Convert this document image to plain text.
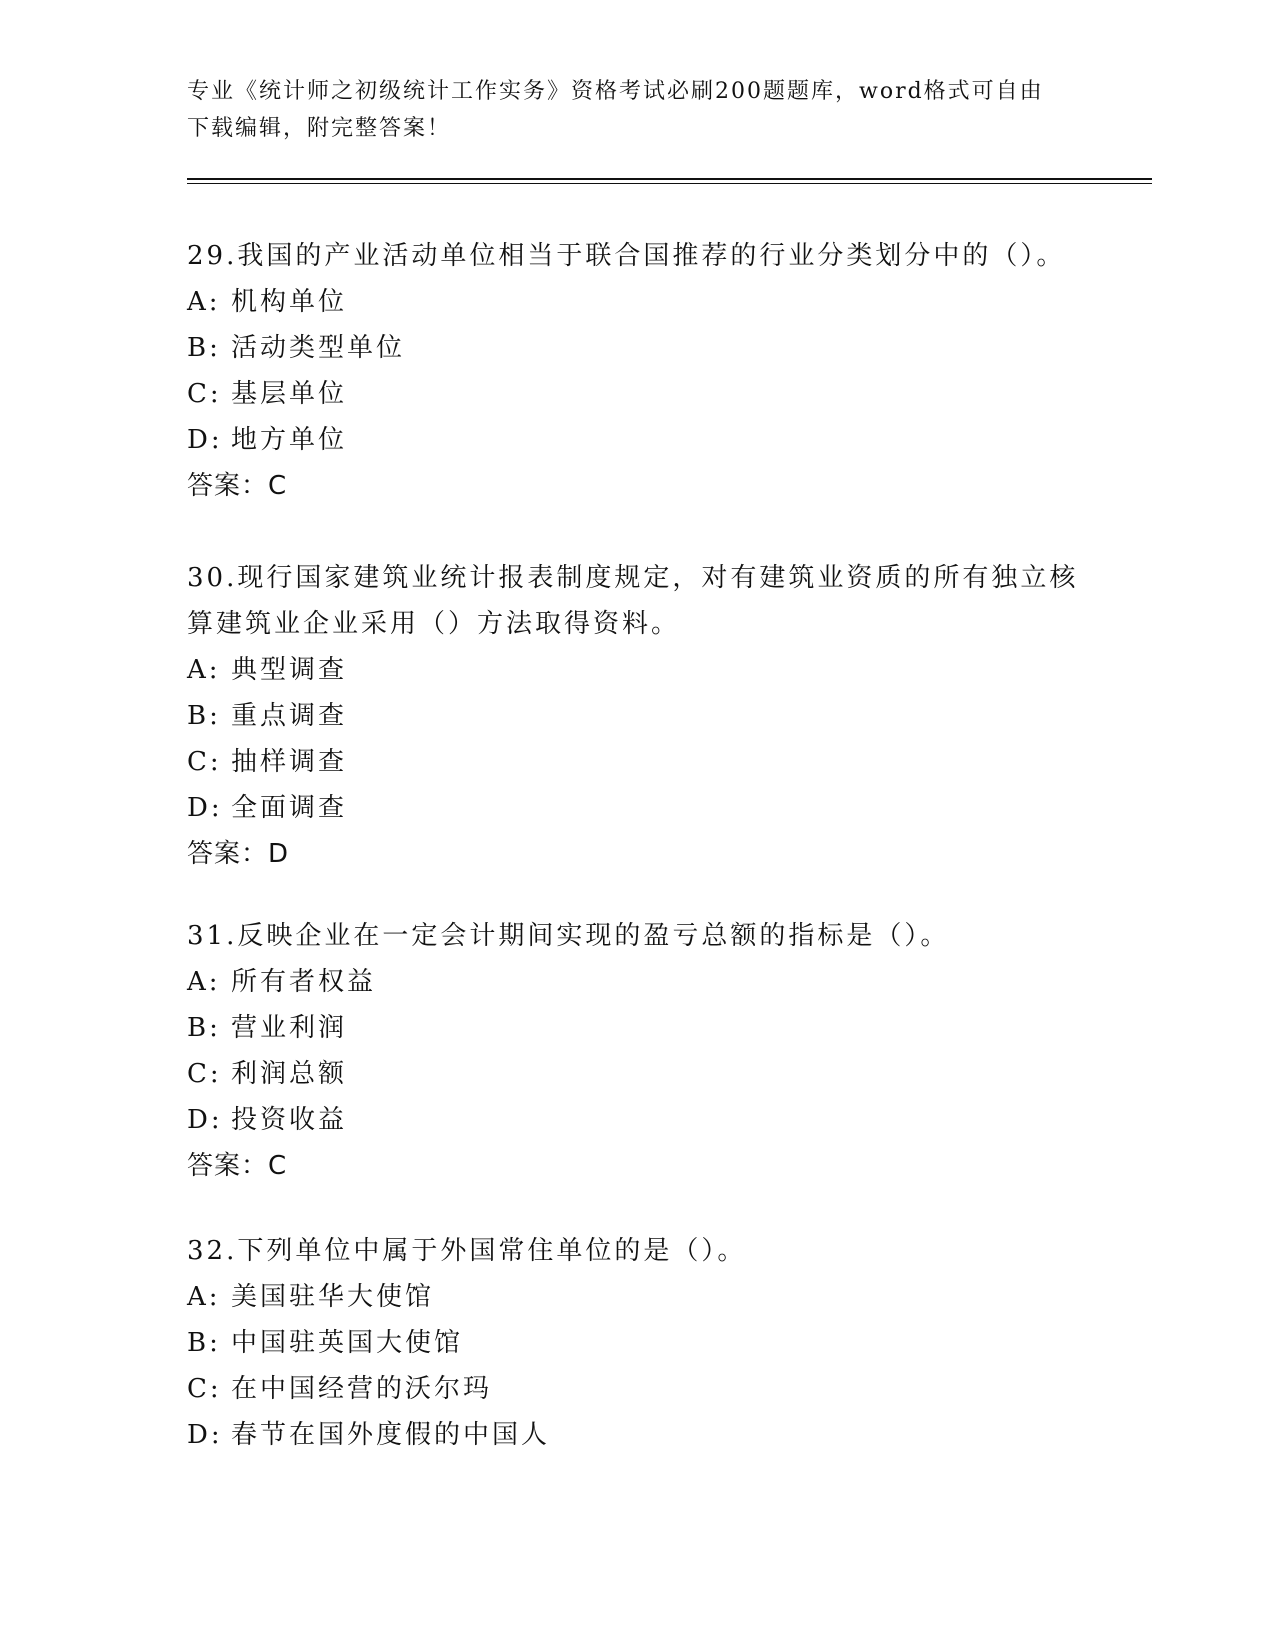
专业《统计师之初级统计工作实务》资格考试必刷200题题库，word格式可自由
下载编辑，附完整答案！
29.我国的产业活动单位相当于联合国推荐的行业分类划分中的（）。
A: 机构单位
B: 活动类型单位
C: 基层单位
D: 地方单位
答案：C
30.现行国家建筑业统计报表制度规定，对有建筑业资质的所有独立核
算建筑业企业采用（）方法取得资料。
A: 典型调查
B: 重点调查
C: 抽样调查
D: 全面调查
答案：D
31.反映企业在一定会计期间实现的盈亏总额的指标是（）。
A: 所有者权益
B: 营业利润
C: 利润总额
D: 投资收益
答案：C
32.下列单位中属于外国常住单位的是（）。
A: 美国驻华大使馆
B: 中国驻英国大使馆
C: 在中国经营的沃尔玛
D: 春节在国外度假的中国人
